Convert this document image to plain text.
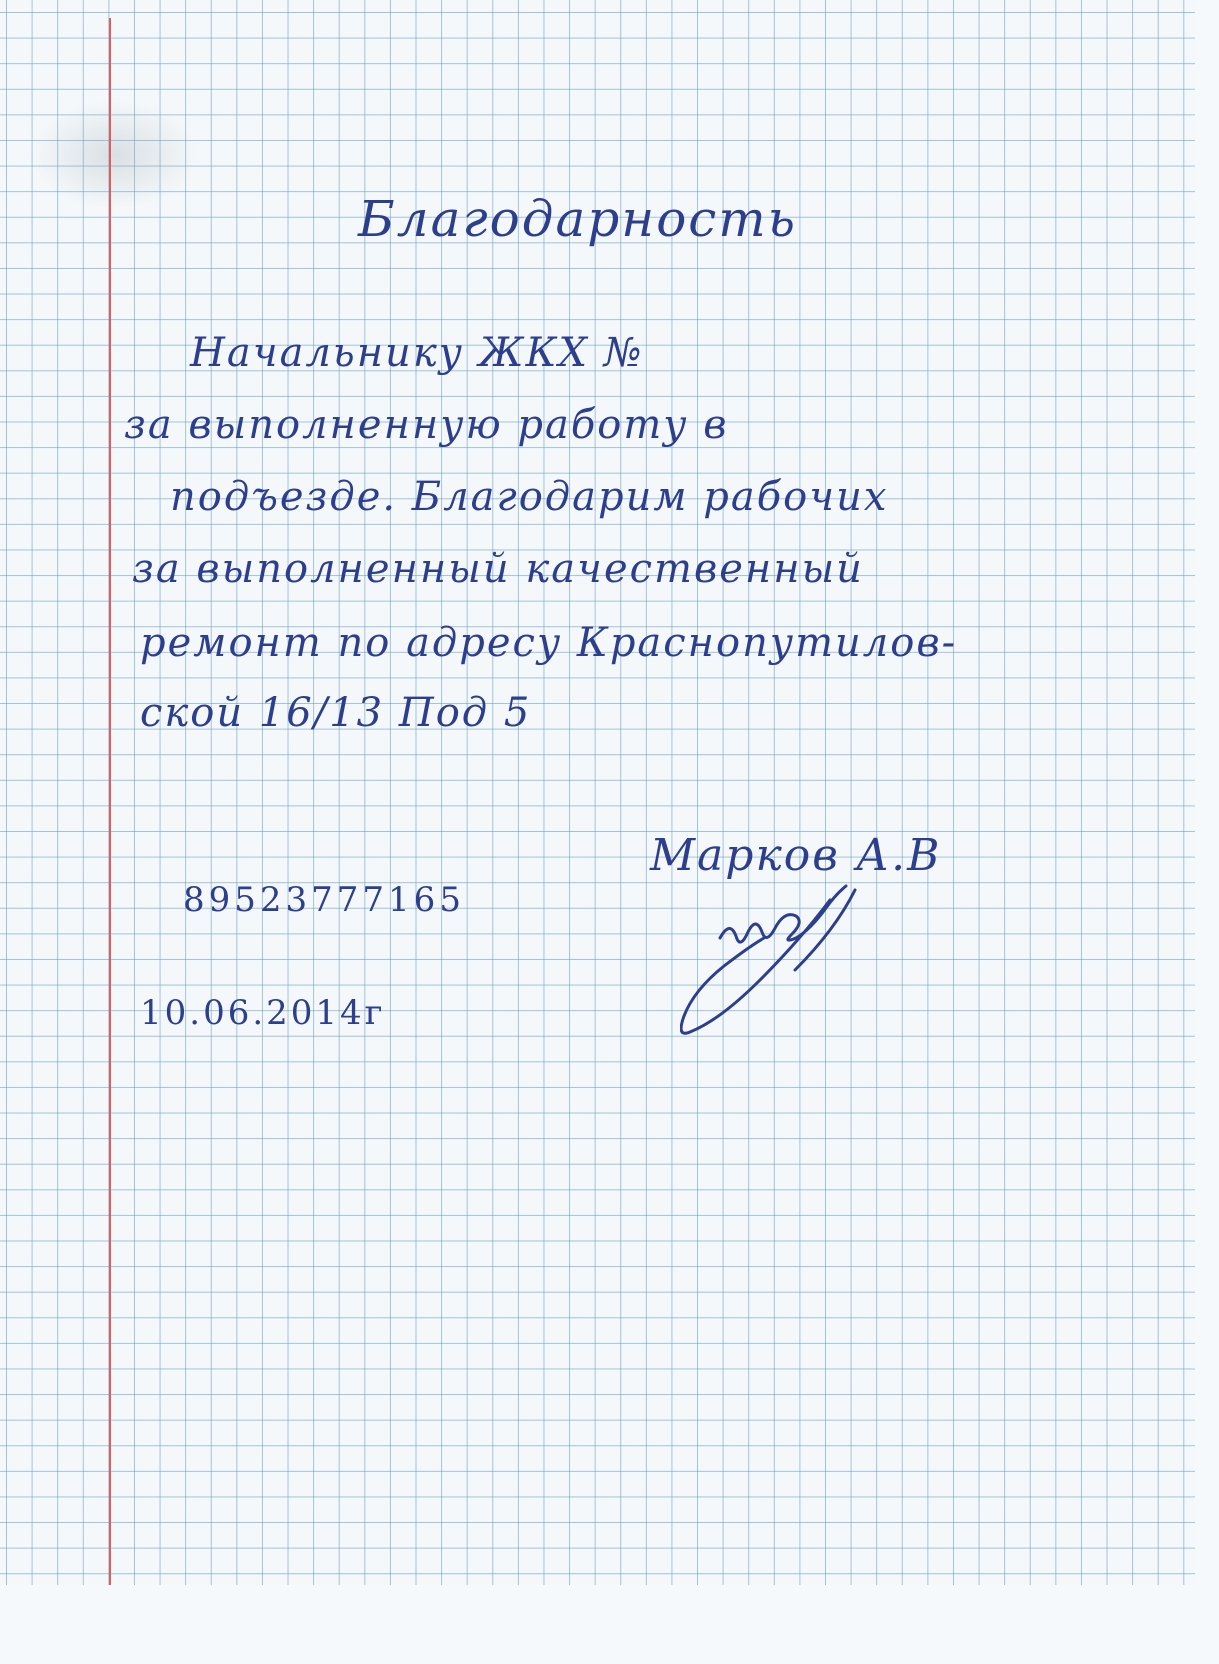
Благодарность

Начальнику ЖКХ №

за выполненную работу в

подъезде. Благодарим рабочих

за выполненный качественный

ремонт по адресу Краснопутилов-

ской 16/13 Под 5

Марков А.В

89523777165

10.06.2014г
